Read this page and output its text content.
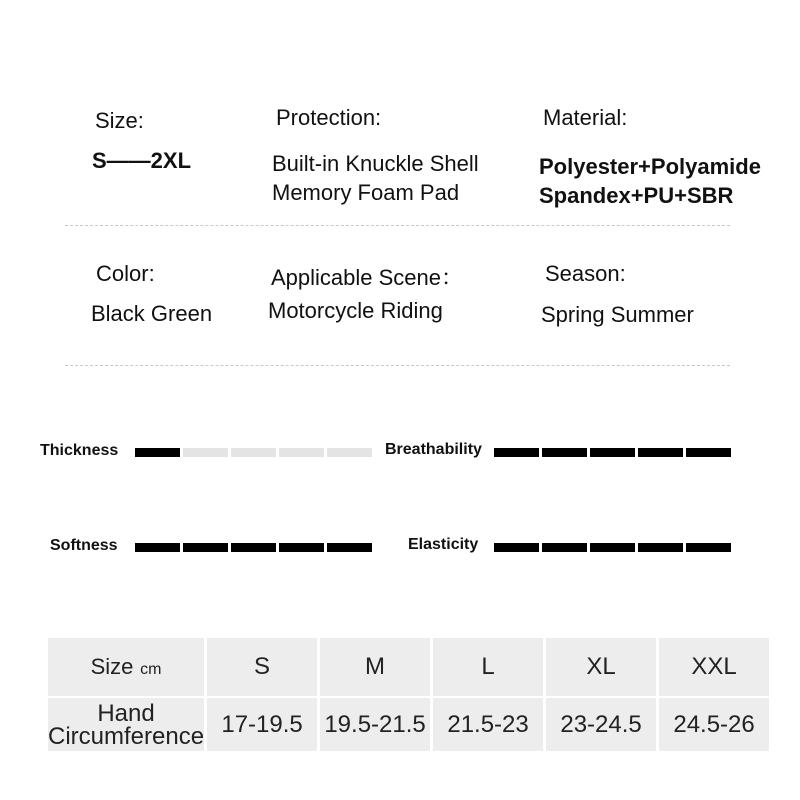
Size:
S——2XL
Protection:
Built-in Knuckle Shell
Memory Foam Pad
Material:
Polyester+Polyamide
Spandex+PU+SBR
Color:
Black Green
Applicable Scene：
Motorcycle Riding
Season:
Spring Summer
Thickness	Breathability
Softness	Elasticity
Size cm	S	M	L	XL	XXL

Hand
Circumference	17-19.5	19.5-21.5	21.5-23	23-24.5	24.5-26
